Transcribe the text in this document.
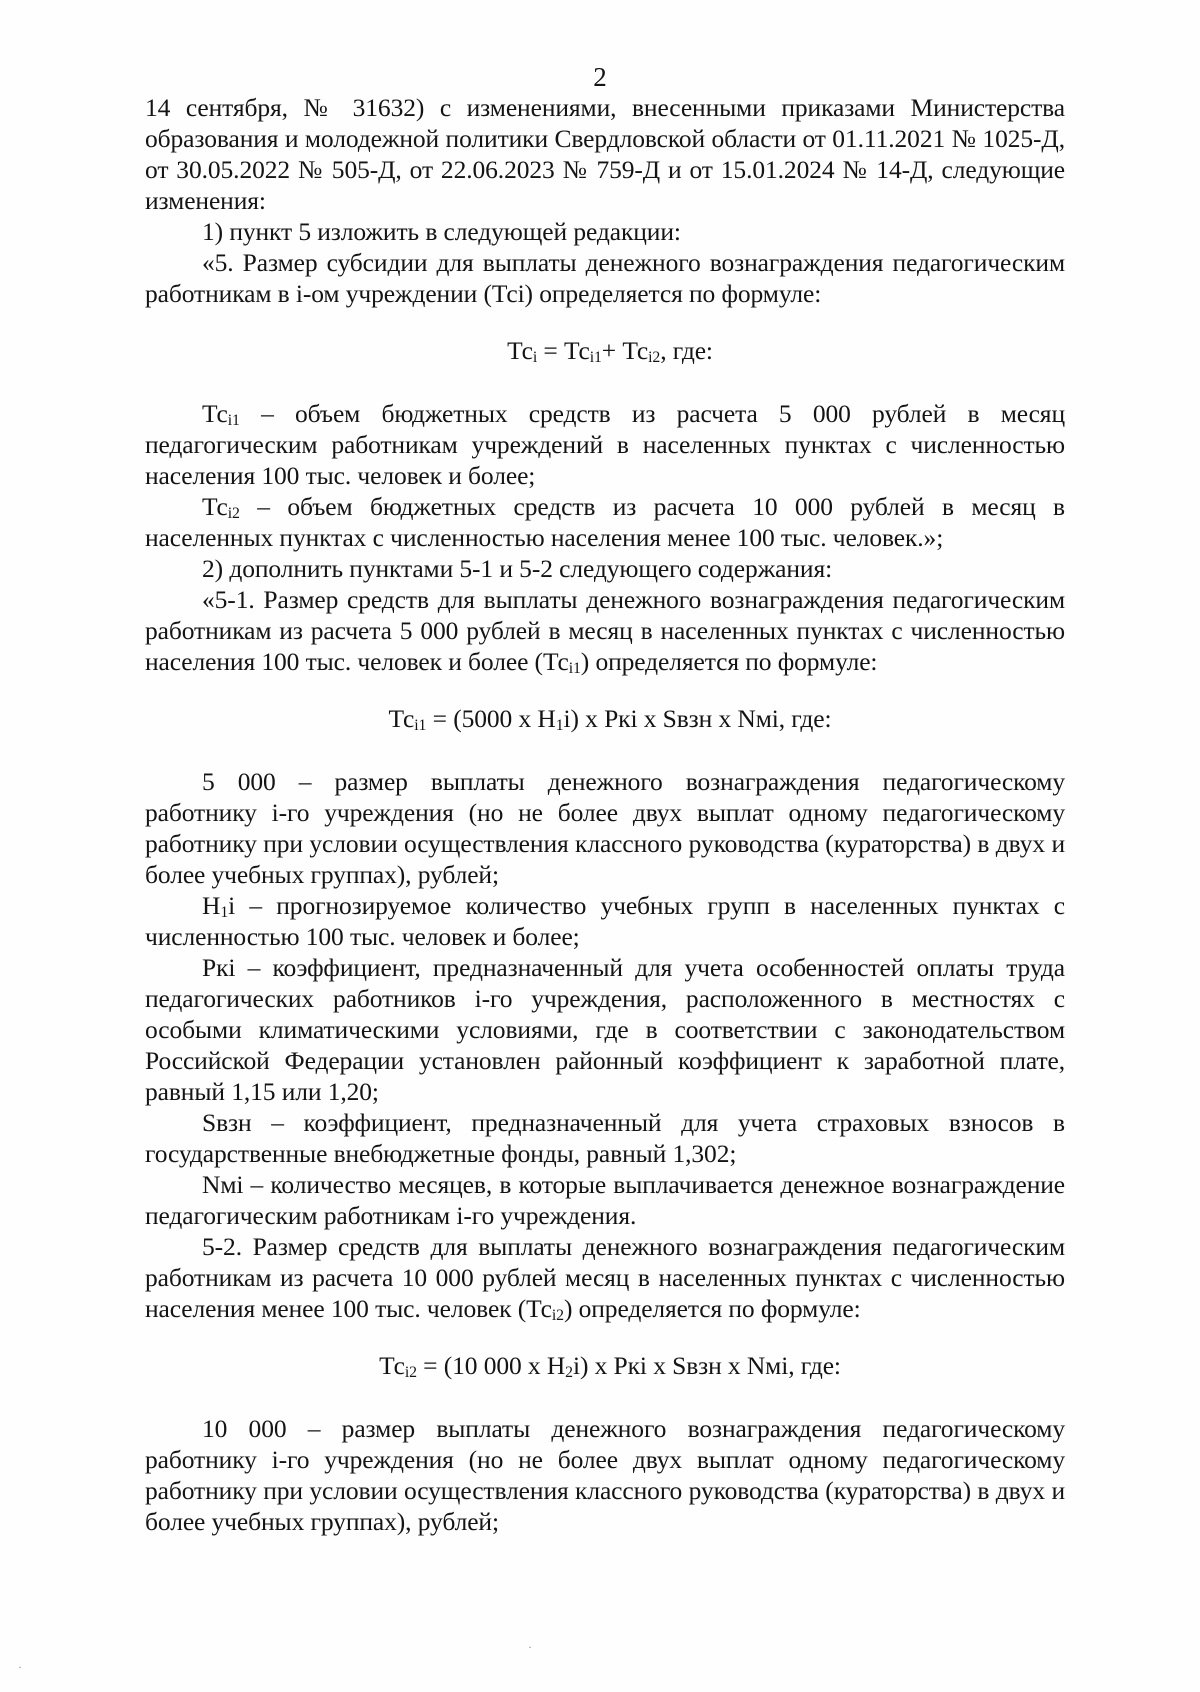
2

14 сентября, № 31632) с изменениями, внесенными приказами Министерства образования и молодежной политики Свердловской области от 01.11.2021 № 1025-Д, от 30.05.2022 № 505-Д, от 22.06.2023 № 759-Д и от 15.01.2024 № 14-Д, следующие изменения:

1) пункт 5 изложить в следующей редакции:

«5. Размер субсидии для выплаты денежного вознаграждения педагогическим работникам в i-ом учреждении (Тсi) определяется по формуле:

$Тс_i = Тс_{i1}+ Тс_{i2}$, где:

$Тс_{i1}$ – объем бюджетных средств из расчета 5 000 рублей в месяц педагогическим работникам учреждений в населенных пунктах с численностью населения 100 тыс. человек и более;

$Тс_{i2}$ – объем бюджетных средств из расчета 10 000 рублей в месяц в населенных пунктах с численностью населения менее 100 тыс. человек.»;

2) дополнить пунктами 5-1 и 5-2 следующего содержания:

«5-1. Размер средств для выплаты денежного вознаграждения педагогическим работникам из расчета 5 000 рублей в месяц в населенных пунктах с численностью населения 100 тыс. человек и более $(Тс_{i1})$ определяется по формуле:

$Тс_{i1} = (5000$ х $Н_1i$) х Ркi х Sвзн х Nмi, где:

5 000 – размер выплаты денежного вознаграждения педагогическому работнику i-го учреждения (но не более двух выплат одному педагогическому работнику при условии осуществления классного руководства (кураторства) в двух и более учебных группах), рублей;

$Н_1i$ – прогнозируемое количество учебных групп в населенных пунктах с численностью 100 тыс. человек и более;

Ркi – коэффициент, предназначенный для учета особенностей оплаты труда педагогических работников i-го учреждения, расположенного в местностях с особыми климатическими условиями, где в соответствии с законодательством Российской Федерации установлен районный коэффициент к заработной плате, равный 1,15 или 1,20;

Sвзн – коэффициент, предназначенный для учета страховых взносов в государственные внебюджетные фонды, равный 1,302;

Nмi – количество месяцев, в которые выплачивается денежное вознаграждение педагогическим работникам i-го учреждения.

5-2. Размер средств для выплаты денежного вознаграждения педагогическим работникам из расчета 10 000 рублей месяц в населенных пунктах с численностью населения менее 100 тыс. человек $(Тс_{i2})$ определяется по формуле:

$Тс_{i2} = (10$ 000 х $Н_2i$) х Ркi х Sвзн х Nмi, где:

10 000 – размер выплаты денежного вознаграждения педагогическому работнику i-го учреждения (но не более двух выплат одному педагогическому работнику при условии осуществления классного руководства (кураторства) в двух и более учебных группах), рублей;

·
·
